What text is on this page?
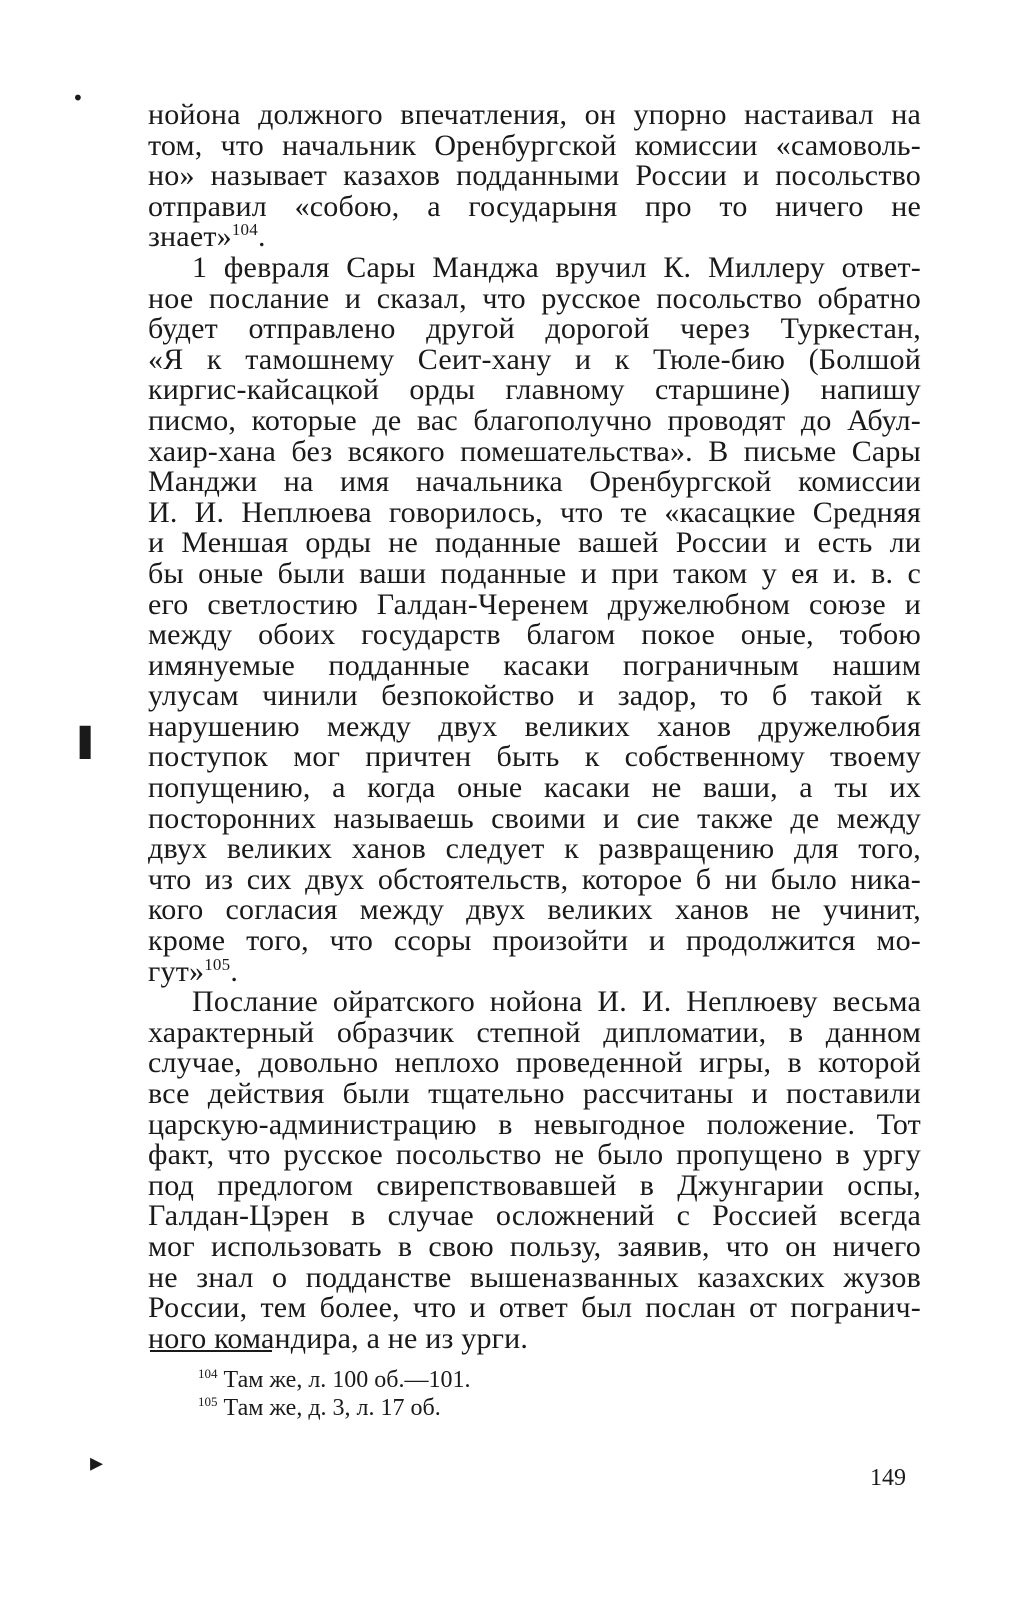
•
▌
▸
нойона должного впечатления, он упорно настаивал на
том, что начальник Оренбургской комиссии «самоволь-
но» называет казахов подданными России и посольство
отправил «собою, а государыня про то ничего не
знает»$^{104}$.
1 февраля Сары Манджа вручил К. Миллеру ответ-
ное послание и сказал, что русское посольство обратно
будет отправлено другой дорогой через Туркестан,
«Я к тамошнему Сеит-хану и к Тюле-бию (Болшой
киргис-кайсацкой орды главному старшине) напишу
писмо, которые де вас благополучно проводят до Абул-
хаир-хана без всякого помешательства». В письме Сары
Манджи на имя начальника Оренбургской комиссии
И. И. Неплюева говорилось, что те «касацкие Средняя
и Меншая орды не поданные вашей России и есть ли
бы оные были ваши поданные и при таком у ея и. в. с
его светлостию Галдан-Черенем дружелюбном союзе и
между обоих государств благом покое оные, тобою
имянуемые подданные касаки пограничным нашим
улусам чинили безпокойство и задор, то б такой к
нарушению между двух великих ханов дружелюбия
поступок мог причтен быть к собственному твоему
попущению, а когда оные касаки не ваши, а ты их
посторонних называешь своими и сие также де между
двух великих ханов следует к развращению для того,
что из сих двух обстоятельств, которое б ни было ника-
кого согласия между двух великих ханов не учинит,
кроме того, что ссоры произойти и продолжится мо-
гут»$^{105}$.
Послание ойратского нойона И. И. Неплюеву весьма
характерный образчик степной дипломатии, в данном
случае, довольно неплохо проведенной игры, в которой
все действия были тщательно рассчитаны и поставили
царскую-администрацию в невыгодное положение. Тот
факт, что русское посольство не было пропущено в ургу
под предлогом свирепствовавшей в Джунгарии оспы,
Галдан-Цэрен в случае осложнений с Россией всегда
мог использовать в свою пользу, заявив, что он ничего
не знал о подданстве вышеназванных казахских жузов
России, тем более, что и ответ был послан от погранич-
ного командира, а не из урги.
$^{104}$ Там же, л. 100 об.—101.
$^{105}$ Там же, д. 3, л. 17 об.
149
